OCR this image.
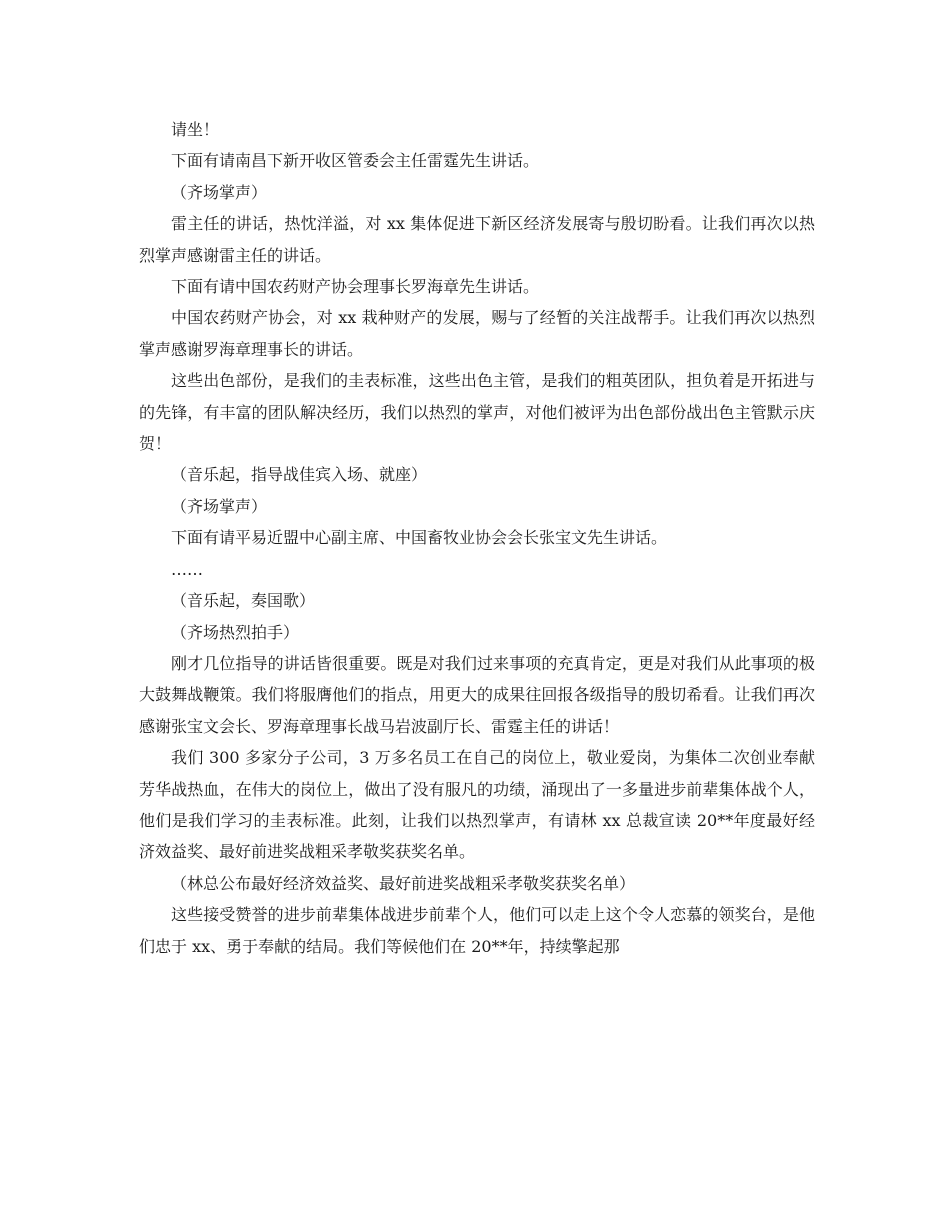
请坐！

下面有请南昌下新开收区管委会主任雷霆先生讲话。

（齐场掌声）

雷主任的讲话，热忱洋溢，对 xx 集体促进下新区经济发展寄与殷切盼看。让我们再次以热烈掌声感谢雷主任的讲话。

下面有请中国农药财产协会理事长罗海章先生讲话。

中国农药财产协会，对 xx 栽种财产的发展，赐与了经暂的关注战帮手。让我们再次以热烈掌声感谢罗海章理事长的讲话。

这些出色部份，是我们的圭表标准，这些出色主管，是我们的粗英团队，担负着是开拓进与的先锋，有丰富的团队解决经历，我们以热烈的掌声，对他们被评为出色部份战出色主管默示庆贺！

（音乐起，指导战佳宾入场、就座）

（齐场掌声）

下面有请平易近盟中心副主席、中国畜牧业协会会长张宝文先生讲话。

……

（音乐起，奏国歌）

（齐场热烈拍手）

刚才几位指导的讲话皆很重要。既是对我们过来事项的充真肯定，更是对我们从此事项的极大鼓舞战鞭策。我们将服膺他们的指点，用更大的成果往回报各级指导的殷切希看。让我们再次感谢张宝文会长、罗海章理事长战马岩波副厅长、雷霆主任的讲话！

我们 300 多家分子公司，3 万多名员工在自己的岗位上，敬业爱岗，为集体二次创业奉献芳华战热血，在伟大的岗位上，做出了没有服凡的功绩，涌现出了一多量进步前辈集体战个人，他们是我们学习的圭表标准。此刻，让我们以热烈掌声，有请林 xx 总裁宣读 20**年度最好经济效益奖、最好前进奖战粗采孝敬奖获奖名单。

（林总公布最好经济效益奖、最好前进奖战粗采孝敬奖获奖名单）

这些接受赞誉的进步前辈集体战进步前辈个人，他们可以走上这个令人恋慕的领奖台，是他们忠于 xx、勇于奉献的结局。我们等候他们在 20**年，持续擎起那
